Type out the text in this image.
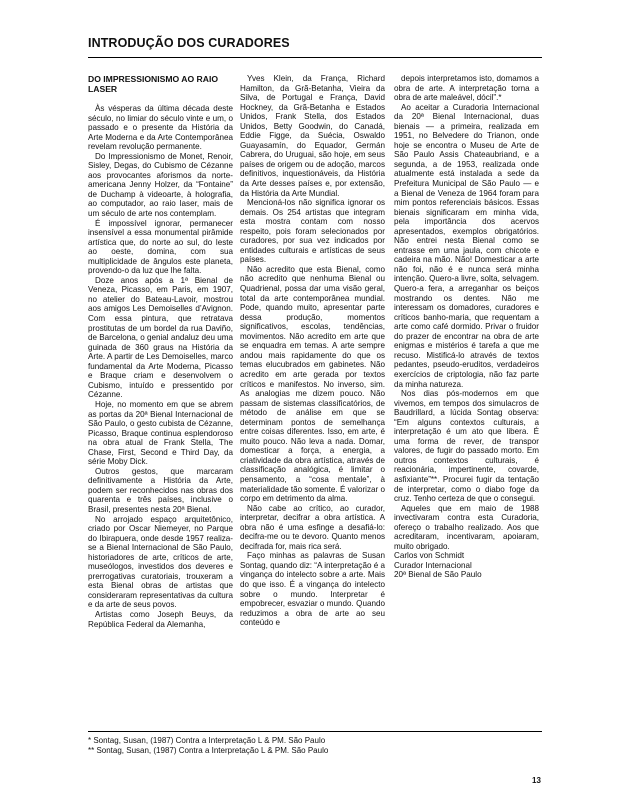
INTRODUÇÃO DOS CURADORES
DO IMPRESSIONISMO AO RAIO LASER

Às vésperas da última década deste século, no limiar do século vinte e um, o passado e o presente da História da Arte Moderna e da Arte Contemporânea revelam revolução permanente.

Do Impressionismo de Monet, Renoir, Sisley, Degas, do Cubismo de Cézanne aos provocantes aforismos da norte-americana Jenny Holzer, da “Fontaine” de Duchamp à videoarte, à holografia, ao computador, ao raio laser, mais de um século de arte nos contemplam.

É impossível ignorar, permanecer insensível a essa monumental pirâmide artística que, do norte ao sul, do leste ao oeste, domina, com sua multiplicidade de ângulos este planeta, provendo-o da luz que lhe falta.

Doze anos após a 1ª Bienal de Veneza, Picasso, em Paris, em 1907, no atelier do Bateau-Lavoir, mostrou aos amigos Les Demoiselles d’Avignon. Com essa pintura, que retratava prostitutas de um bordel da rua Daviño, de Barcelona, o genial andaluz deu uma guinada de 360 graus na História da Arte. A partir de Les Demoiselles, marco fundamental da Arte Moderna, Picasso e Braque criam e desenvolvem o Cubismo, intuído e pressentido por Cézanne.

Hoje, no momento em que se abrem as portas da 20ª Bienal Internacional de São Paulo, o gesto cubista de Cézanne, Picasso, Braque continua esplendoroso na obra atual de Frank Stella, The Chase, First, Second e Third Day, da série Moby Dick.

Outros gestos, que marcaram definitivamente a História da Arte, podem ser reconhecidos nas obras dos quarenta e três países, inclusive o Brasil, presentes nesta 20ª Bienal.

No arrojado espaço arquitetônico, criado por Oscar Niemeyer, no Parque do Ibirapuera, onde desde 1957 realiza-se a Bienal Internacional de São Paulo, historiadores de arte, críticos de arte, museólogos, investidos dos deveres e prerrogativas curatoriais, trouxeram a esta Bienal obras de artistas que consideraram representativas da cultura e da arte de seus povos.

Artistas como Joseph Beuys, da República Federal da Alemanha,

Yves Klein, da França, Richard Hamilton, da Grã-Betanha, Vieira da Silva, de Portugal e França, David Hockney, da Grã-Betanha e Estados Unidos, Frank Stella, dos Estados Unidos, Betty Goodwin, do Canadá, Eddie Figge, da Suécia, Oswaldo Guayasamín, do Equador, Germán Cabrera, do Uruguai, são hoje, em seus países de origem ou de adoção, marcos definitivos, inquestionáveis, da História da Arte desses países e, por extensão, da História da Arte Mundial.

Mencioná-los não significa ignorar os demais. Os 254 artistas que integram esta mostra contam com nosso respeito, pois foram selecionados por curadores, por sua vez indicados por entidades culturais e artísticas de seus países.

Não acredito que esta Bienal, como não acredito que nenhuma Bienal ou Quadrienal, possa dar uma visão geral, total da arte contemporânea mundial. Pode, quando muito, apresentar parte dessa produção, momentos significativos, escolas, tendências, movimentos. Não acredito em arte que se enquadra em temas. A arte sempre andou mais rapidamente do que os temas elucubrados em gabinetes. Não acredito em arte gerada por textos críticos e manifestos. No inverso, sim. As analogias me dizem pouco. Não passam de sistemas classificatórios, de método de análise em que se determinam pontos de semelhança entre coisas diferentes. Isso, em arte, é muito pouco. Não leva a nada. Domar, domesticar a força, a energia, a criatividade da obra artística, através de classificação analógica, é limitar o pensamento, a “cosa mentale”, à materialidade tão somente. É valorizar o corpo em detrimento da alma.

Não cabe ao crítico, ao curador, interpretar, decifrar a obra artística. A obra não é uma esfinge a desafiá-lo: decifra-me ou te devoro. Quanto menos decifrada for, mais rica será.

Faço minhas as palavras de Susan Sontag, quando diz: “A interpretação é a vingança do intelecto sobre a arte. Mais do que isso. É a vingança do intelecto sobre o mundo. Interpretar é empobrecer, esvaziar o mundo. Quando reduzimos a obra de arte ao seu conteúdo e

depois interpretamos isto, domamos a obra de arte. A interpretação torna a obra de arte maleável, dócil”.*

Ao aceitar a Curadoria Internacional da 20ª Bienal Internacional, duas bienais — a primeira, realizada em 1951, no Belvedere do Trianon, onde hoje se encontra o Museu de Arte de São Paulo Assis Chateaubriand, e a segunda, a de 1953, realizada onde atualmente está instalada a sede da Prefeitura Municipal de São Paulo — e a Bienal de Veneza de 1964 foram para mim pontos referenciais básicos. Essas bienais significaram em minha vida, pela importância dos acervos apresentados, exemplos obrigatórios. Não entrei nesta Bienal como se entrasse em uma jaula, com chicote e cadeira na mão. Não! Domesticar a arte não foi, não é e nunca será minha intenção. Quero-a livre, solta, selvagem. Quero-a fera, a arreganhar os beiços mostrando os dentes. Não me interessam os domadores, curadores e críticos banho-maria, que requentam a arte como café dormido. Privar o fruidor do prazer de encontrar na obra de arte enigmas e mistérios é tarefa a que me recuso. Mistificá-lo através de textos pedantes, pseudo-eruditos, verdadeiros exercícios de criptologia, não faz parte da minha natureza.

Nos dias pós-modernos em que vivemos, em tempos dos simulacros de Baudrillard, a lúcida Sontag observa: “Em alguns contextos culturais, a interpretação é um ato que libera. É uma forma de rever, de transpor valores, de fugir do passado morto. Em outros contextos culturais, é reacionária, impertinente, covarde, asfixiante”**. Procurei fugir da tentação de interpretar, como o diabo foge da cruz. Tenho certeza de que o consegui.

Aqueles que em maio de 1988 invectivaram contra esta Curadoria, ofereço o trabalho realizado. Aos que acreditaram, incentivaram, apoiaram, muito obrigado.

Carlos von Schmidt
Curador Internacional
20ª Bienal de São Paulo

* Sontag, Susan, (1987) Contra a Interpretação L & PM. São Paulo
** Sontag, Susan, (1987) Contra a Interpretação L & PM. São Paulo
13
